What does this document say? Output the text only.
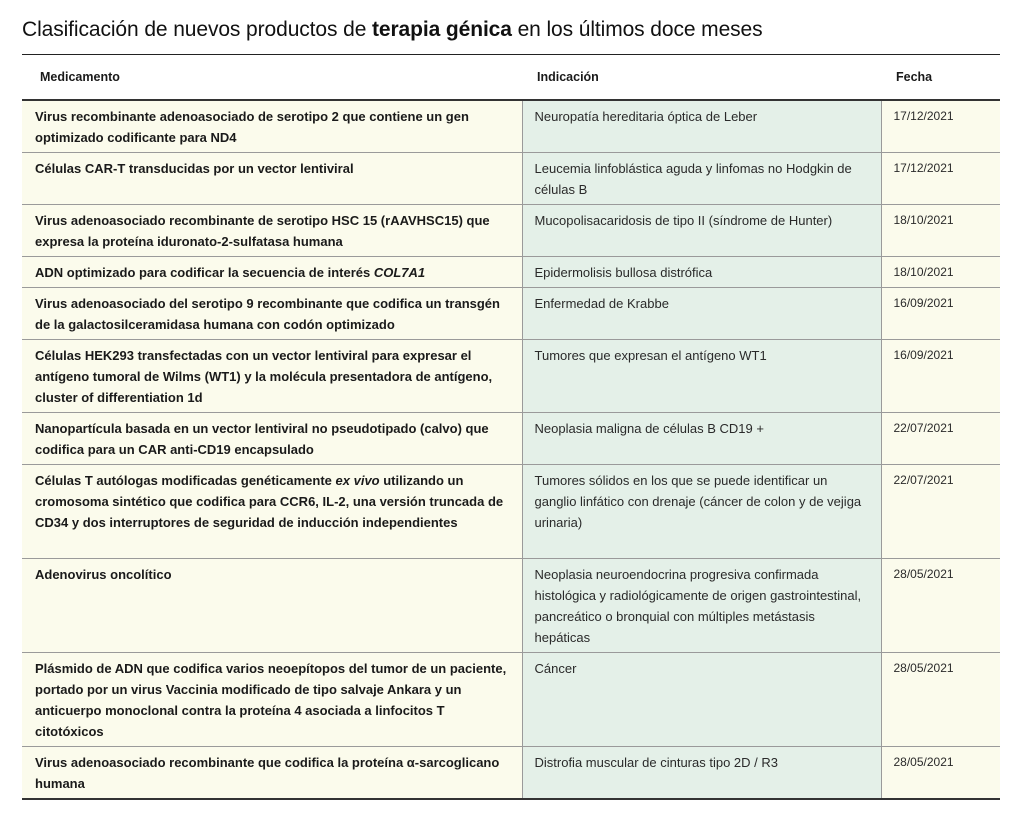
Clasificación de nuevos productos de terapia génica en los últimos doce meses
Medicamento	Indicación	Fecha
Virus recombinante adenoasociado de serotipo 2 que contiene un gen optimizado codificante para ND4	Neuropatía hereditaria óptica de Leber	17/12/2021
Células CAR-T transducidas por un vector lentiviral	Leucemia linfoblástica aguda y linfomas no Hodgkin de células B	17/12/2021
Virus adenoasociado recombinante de serotipo HSC 15 (rAAVHSC15) que expresa la proteína iduronato-2-sulfatasa humana	Mucopolisacaridosis de tipo II (síndrome de Hunter)	18/10/2021
ADN optimizado para codificar la secuencia de interés COL7A1	Epidermolisis bullosa distrófica	18/10/2021
Virus adenoasociado del serotipo 9 recombinante que codifica un transgén de la galactosilceramidasa humana con codón optimizado	Enfermedad de Krabbe	16/09/2021
Células HEK293 transfectadas con un vector lentiviral para expresar el antígeno tumoral de Wilms (WT1) y la molécula presentadora de antígeno, cluster of differentiation 1d	Tumores que expresan el antígeno WT1	16/09/2021
Nanopartícula basada en un vector lentiviral no pseudotipado (calvo) que codifica para un CAR anti-CD19 encapsulado	Neoplasia maligna de células B CD19 +	22/07/2021
Células T autólogas modificadas genéticamente ex vivo utilizando un cromosoma sintético que codifica para CCR6, IL-2, una versión truncada de CD34 y dos interruptores de seguridad de inducción independientes	Tumores sólidos en los que se puede identificar un ganglio linfático con drenaje (cáncer de colon y de vejiga urinaria)	22/07/2021
Adenovirus oncolítico	Neoplasia neuroendocrina progresiva confirmada histológica y radiológicamente de origen gastrointestinal, pancreático o bronquial con múltiples metástasis hepáticas	28/05/2021
Plásmido de ADN que codifica varios neoepítopos del tumor de un paciente, portado por un virus Vaccinia modificado de tipo salvaje Ankara y un anticuerpo monoclonal contra la proteína 4 asociada a linfocitos T citotóxicos	Cáncer	28/05/2021
Virus adenoasociado recombinante que codifica la proteína α-sarcoglicano humana	Distrofia muscular de cinturas tipo 2D / R3	28/05/2021
